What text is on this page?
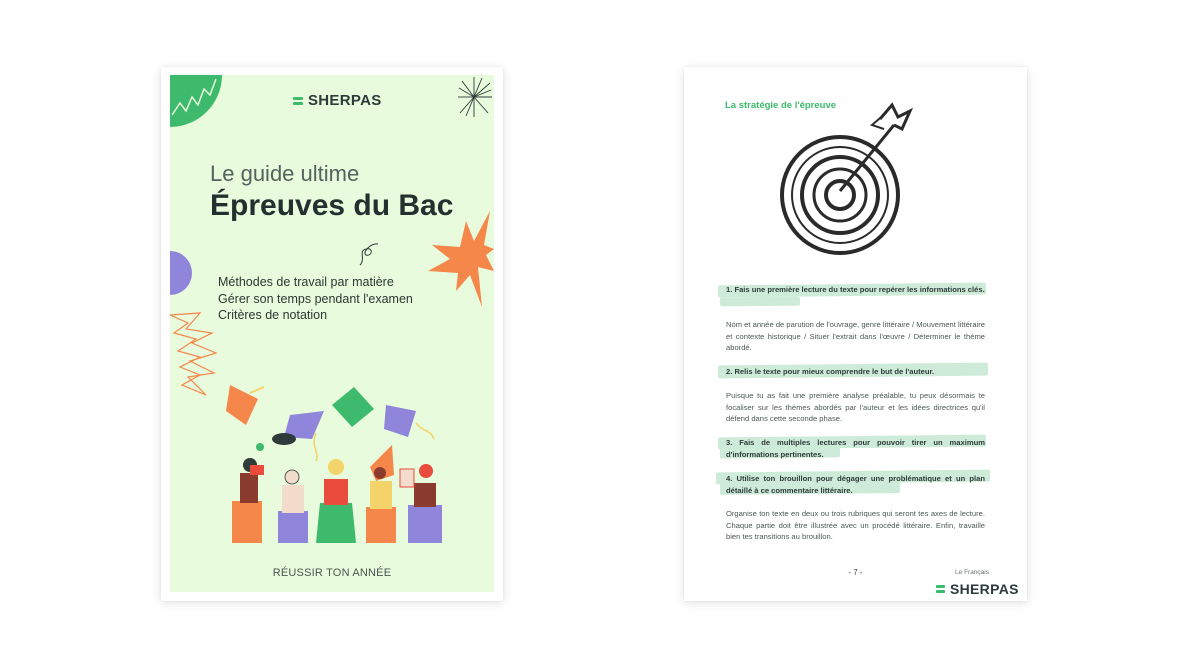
SHERPAS
Le guide ultime
Épreuves du Bac
Méthodes de travail par matière
Gérer son temps pendant l'examen
Critères de notation
RÉUSSIR TON ANNÉE
La stratégie de l'épreuve
1. Fais une première lecture du texte pour repérer les informations clés.
Nom et année de parution de l'ouvrage, genre littéraire / Mouvement littéraire et contexte historique / Situer l'extrait dans l'œuvre / Déterminer le thème abordé.
2. Relis le texte pour mieux comprendre le but de l'auteur.
Puisque tu as fait une première analyse préalable, tu peux désormais te focaliser sur les thèmes abordés par l'auteur et les idées directrices qu'il défend dans cette seconde phase.
3. Fais de multiples lectures pour pouvoir tirer un maximum d'informations pertinentes.
4. Utilise ton brouillon pour dégager une problématique et un plan détaillé à ce commentaire littéraire.
Organise ton texte en deux ou trois rubriques qui seront tes axes de lecture. Chaque partie doit être illustrée avec un procédé littéraire. Enfin, travaille bien tes transitions au brouillon.
- 7 -	Le Français
SHERPAS
